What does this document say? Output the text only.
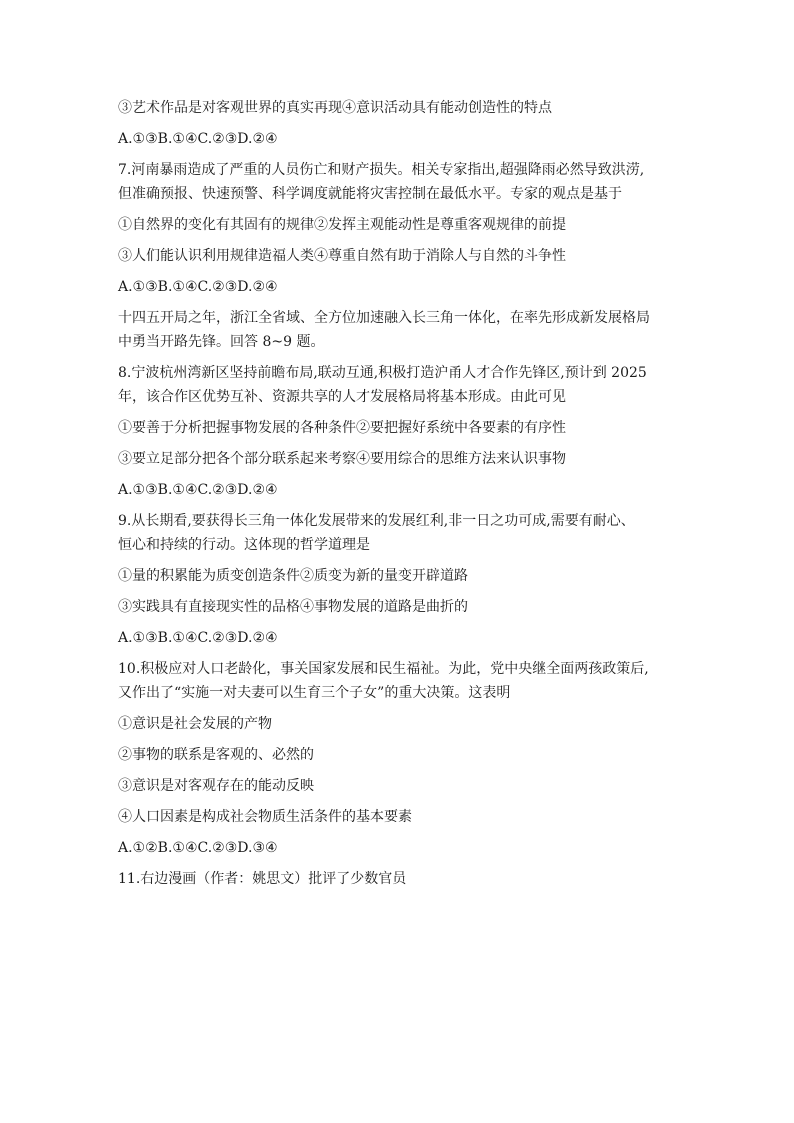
③艺术作品是对客观世界的真实再现④意识活动具有能动创造性的特点

A.①③B.①④C.②③D.②④

7.河南暴雨造成了严重的人员伤亡和财产损失。相关专家指出,超强降雨必然导致洪涝,

但准确预报、快速预警、科学调度就能将灾害控制在最低水平。专家的观点是基于

①自然界的变化有其固有的规律②发挥主观能动性是尊重客观规律的前提

③人们能认识利用规律造福人类④尊重自然有助于消除人与自然的斗争性

A.①③B.①④C.②③D.②④

十四五开局之年，浙江全省域、全方位加速融入长三角一体化，在率先形成新发展格局

中勇当开路先锋。回答 8~9 题。

8.宁波杭州湾新区坚持前瞻布局,联动互通,积极打造沪甬人才合作先锋区,预计到 2025

年，该合作区优势互补、资源共享的人才发展格局将基本形成。由此可见

①要善于分析把握事物发展的各种条件②要把握好系统中各要素的有序性

③要立足部分把各个部分联系起来考察④要用综合的思维方法来认识事物

A.①③B.①④C.②③D.②④

9.从长期看,要获得长三角一体化发展带来的发展红利,非一日之功可成,需要有耐心、

恒心和持续的行动。这体现的哲学道理是

①量的积累能为质变创造条件②质变为新的量变开辟道路

③实践具有直接现实性的品格④事物发展的道路是曲折的

A.①③B.①④C.②③D.②④

10.积极应对人口老龄化，事关国家发展和民生福祉。为此，党中央继全面两孩政策后,

又作出了“实施一对夫妻可以生育三个子女”的重大决策。这表明

①意识是社会发展的产物

②事物的联系是客观的、必然的

③意识是对客观存在的能动反映

④人口因素是构成社会物质生活条件的基本要素

A.①②B.①④C.②③D.③④

11.右边漫画（作者：姚思文）批评了少数官员
